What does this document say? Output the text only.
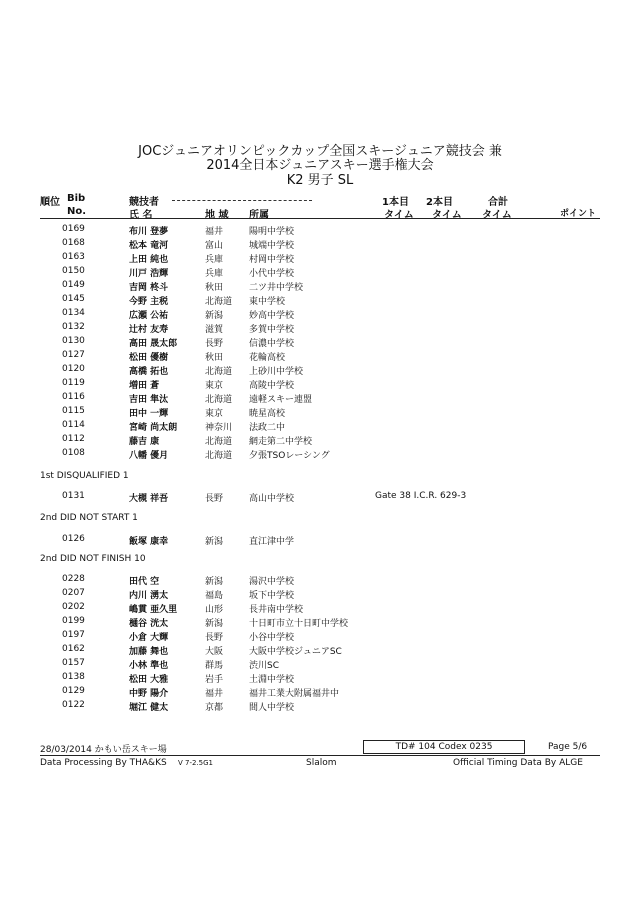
JOCジュニアオリンピックカップ全国スキージュニア競技会 兼
2014全日本ジュニアスキー選手権大会
K2 男子 SL
順位 Bib
No.
競技者
氏 名	地 域 所属
1本目
タイム
2本目
タイム
合計
タイム	ポイント
0169	布川 登夢	福井	陽明中学校
0168	松本 竜河	富山	城端中学校
0163	上田 純也	兵庫	村岡中学校
0150	川戸 浩輝	兵庫	小代中学校
0149	吉岡 柊斗	秋田	二ツ井中学校
0145	今野 主税	北海道 東中学校
0134	広瀬 公祐	新潟	妙高中学校
0132	辻村 友寿	滋賀	多賀中学校
0130	高田 晟太郎	長野	信濃中学校
0127	松田 優樹	秋田	花輪高校
0120	高橋 拓也	北海道 上砂川中学校
0119	増田 蒼	東京	高陵中学校
0116	吉田 隼汰	北海道 遠軽スキー連盟
0115	田中 一輝	東京	暁星高校
0114	宮崎 尚太朗	神奈川 法政二中
0112	藤吉 康	北海道 網走第二中学校
0108	八幡 優月	北海道 夕張TSOレーシング
1st DISQUALIFIED 1
0131	大槻 祥吾	長野	高山中学校	Gate 38 I.C.R. 629-3
2nd DID NOT START 1
0126	飯塚 康幸	新潟	直江津中学
2nd DID NOT FINISH 10
0228	田代 空	新潟	湯沢中学校
0207	内川 湧太	福島	坂下中学校
0202	嶋貫 亜久里	山形	長井南中学校
0199	樋谷 洸太	新潟	十日町市立十日町中学校
0197	小倉 大輝	長野	小谷中学校
0162	加藤 舞也	大阪	大阪中学校ジュニアSC
0157	小林 準也	群馬	渋川SC
0138	松田 大雅	岩手	土淵中学校
0129	中野 陽介	福井	福井工業大附属福井中
0122	堀江 健太	京都	間人中学校
28/03/2014 かもい岳スキー場	TD# 104 Codex 0235	Page 5/6
Data Processing By THA&KS V 7-2.5G1	Slalom	Official Timing Data By ALGE
